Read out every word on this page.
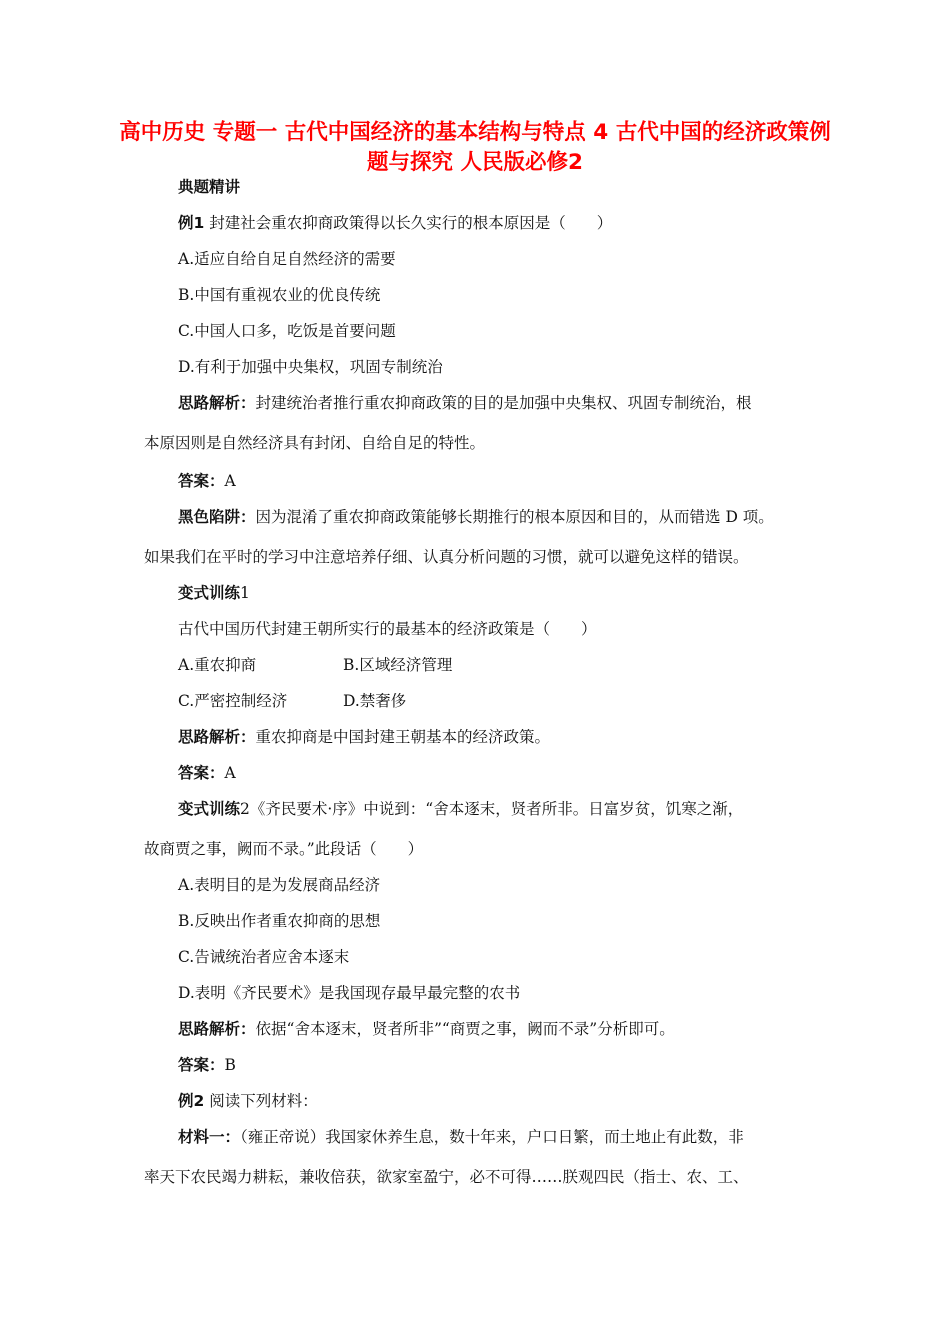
高中历史 专题一 古代中国经济的基本结构与特点 4 古代中国的经济政策例题与探究 人民版必修2
典题精讲
例1 封建社会重农抑商政策得以长久实行的根本原因是（　　）
A.适应自给自足自然经济的需要
B.中国有重视农业的优良传统
C.中国人口多，吃饭是首要问题
D.有利于加强中央集权，巩固专制统治
思路解析：封建统治者推行重农抑商政策的目的是加强中央集权、巩固专制统治，根
本原因则是自然经济具有封闭、自给自足的特性。
答案：A
黑色陷阱：因为混淆了重农抑商政策能够长期推行的根本原因和目的，从而错选 D 项。
如果我们在平时的学习中注意培养仔细、认真分析问题的习惯，就可以避免这样的错误。
变式训练1
古代中国历代封建王朝所实行的最基本的经济政策是（　　）
A.重农抑商	B.区域经济管理
C.严密控制经济	D.禁奢侈
思路解析：重农抑商是中国封建王朝基本的经济政策。
答案：A
变式训练2《齐民要术·序》中说到：“舍本逐末，贤者所非。日富岁贫，饥寒之渐，
故商贾之事，阙而不录。”此段话（　　）
A.表明目的是为发展商品经济
B.反映出作者重农抑商的思想
C.告诫统治者应舍本逐末
D.表明《齐民要术》是我国现存最早最完整的农书
思路解析：依据“舍本逐末，贤者所非”“商贾之事，阙而不录”分析即可。
答案：B
例2 阅读下列材料：
材料一：（雍正帝说）我国家休养生息，数十年来，户口日繁，而土地止有此数，非
率天下农民竭力耕耘，兼收倍获，欲家室盈宁，必不可得……朕观四民（指士、农、工、
